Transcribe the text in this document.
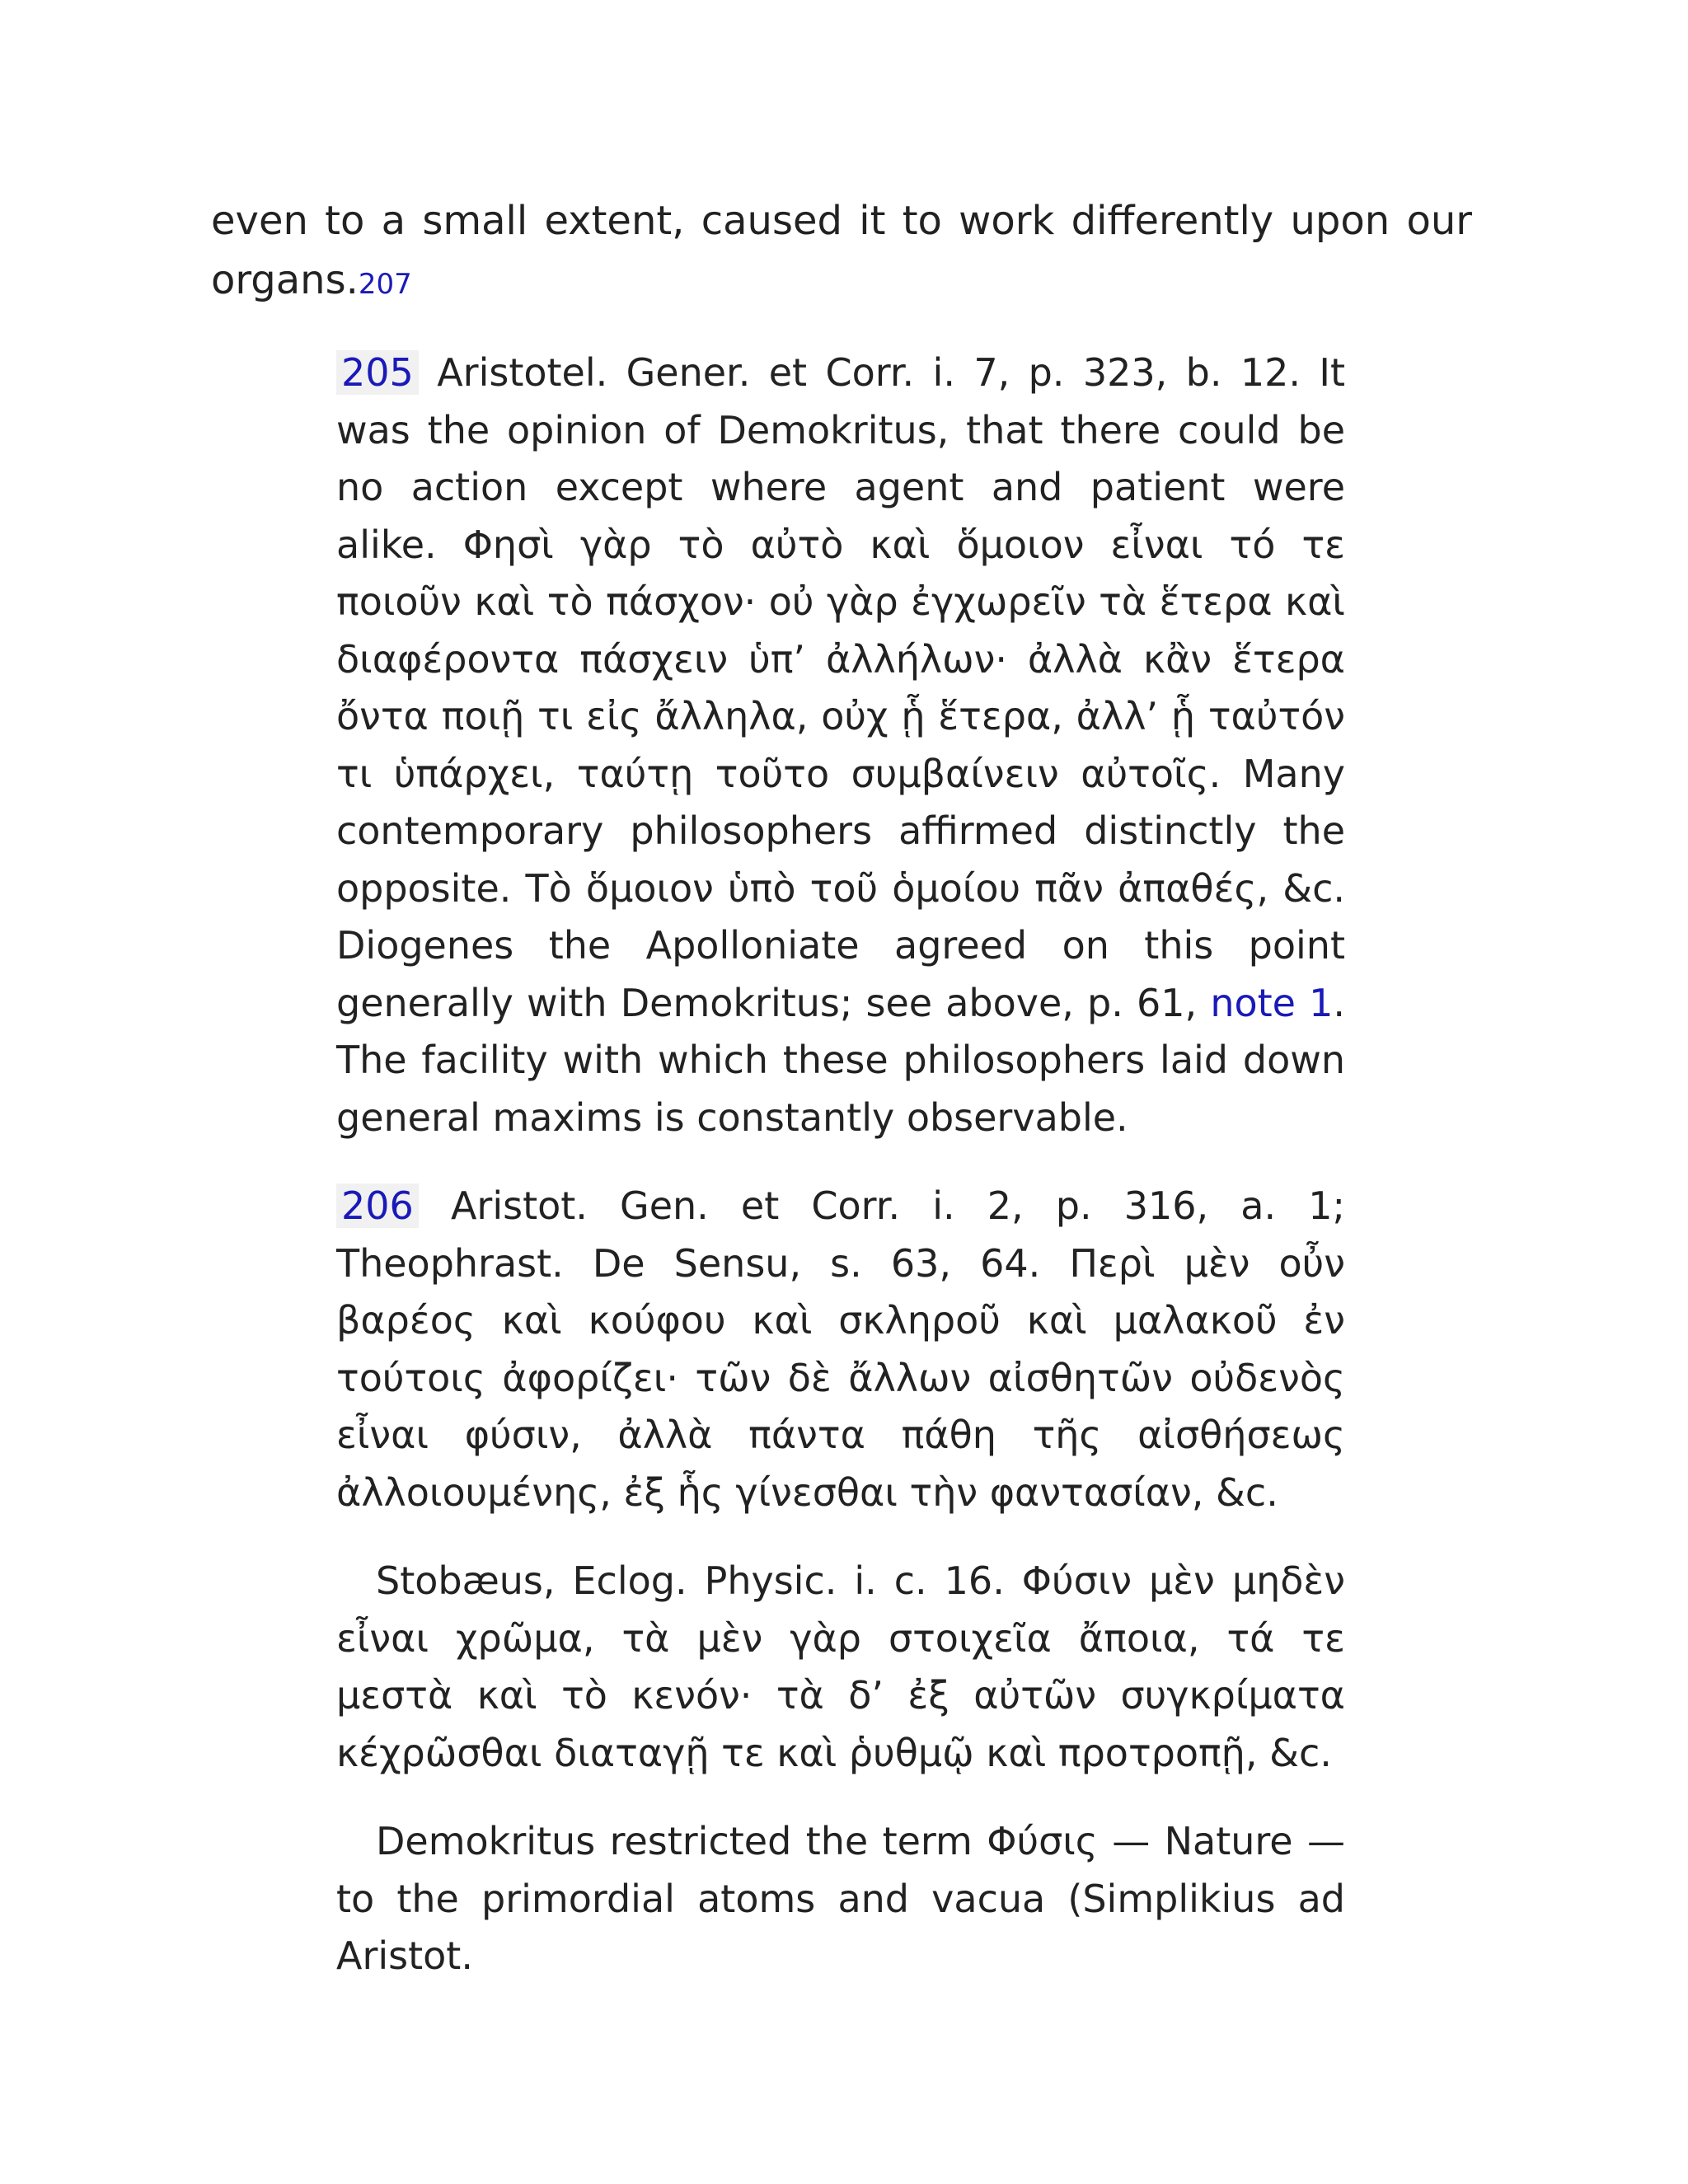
even to a small extent, caused it to work differently upon our organs.207

205 Aristotel. Gener. et Corr. i. 7, p. 323, b. 12. It was the opinion of Demokritus, that there could be no action except where agent and patient were alike. Φησὶ γὰρ τὸ αὐτὸ καὶ ὅμοιον εἶναι τό τε ποιοῦν καὶ τὸ πάσχον· οὐ γὰρ ἐγχωρεῖν τὰ ἕτερα καὶ διαφέροντα πάσχειν ὑπ’ ἀλλήλων· ἀλλὰ κἂν ἕτερα ὄντα ποιῇ τι εἰς ἄλληλα, οὐχ ᾗ ἕτερα, ἀλλ’ ᾗ ταὐτόν τι ὑπάρχει, ταύτῃ τοῦτο συμβαίνειν αὐτοῖς. Many contemporary philosophers affirmed distinctly the opposite. Τὸ ὅμοιον ὑπὸ τοῦ ὁμοίου πᾶν ἀπαθές, &c. Diogenes the Apolloniate agreed on this point generally with Demokritus; see above, p. 61, note 1. The facility with which these philosophers laid down general maxims is constantly observable.

206 Aristot. Gen. et Corr. i. 2, p. 316, a. 1; Theophrast. De Sensu, s. 63, 64. Περὶ μὲν οὖν βαρέος καὶ κούφου καὶ σκληροῦ καὶ μαλακοῦ ἐν τούτοις ἀφορίζει· τῶν δὲ ἄλλων αἰσθητῶν οὐδενὸς εἶναι φύσιν, ἀλλὰ πάντα πάθη τῆς αἰσθήσεως ἀλλοιουμένης, ἐξ ἧς γίνεσθαι τὴν φαντασίαν, &c.

Stobæus, Eclog. Physic. i. c. 16. Φύσιν μὲν μηδὲν εἶναι χρῶμα, τὰ μὲν γὰρ στοιχεῖα ἄποια, τά τε μεστὰ καὶ τὸ κενόν· τὰ δ’ ἐξ αὐτῶν συγκρίματα κέχρῶσθαι διαταγῇ τε καὶ ῥυθμῷ καὶ προτροπῇ, &c.

Demokritus restricted the term Φύσις — Nature — to the primordial atoms and vacua (Simplikius ad Aristot.
